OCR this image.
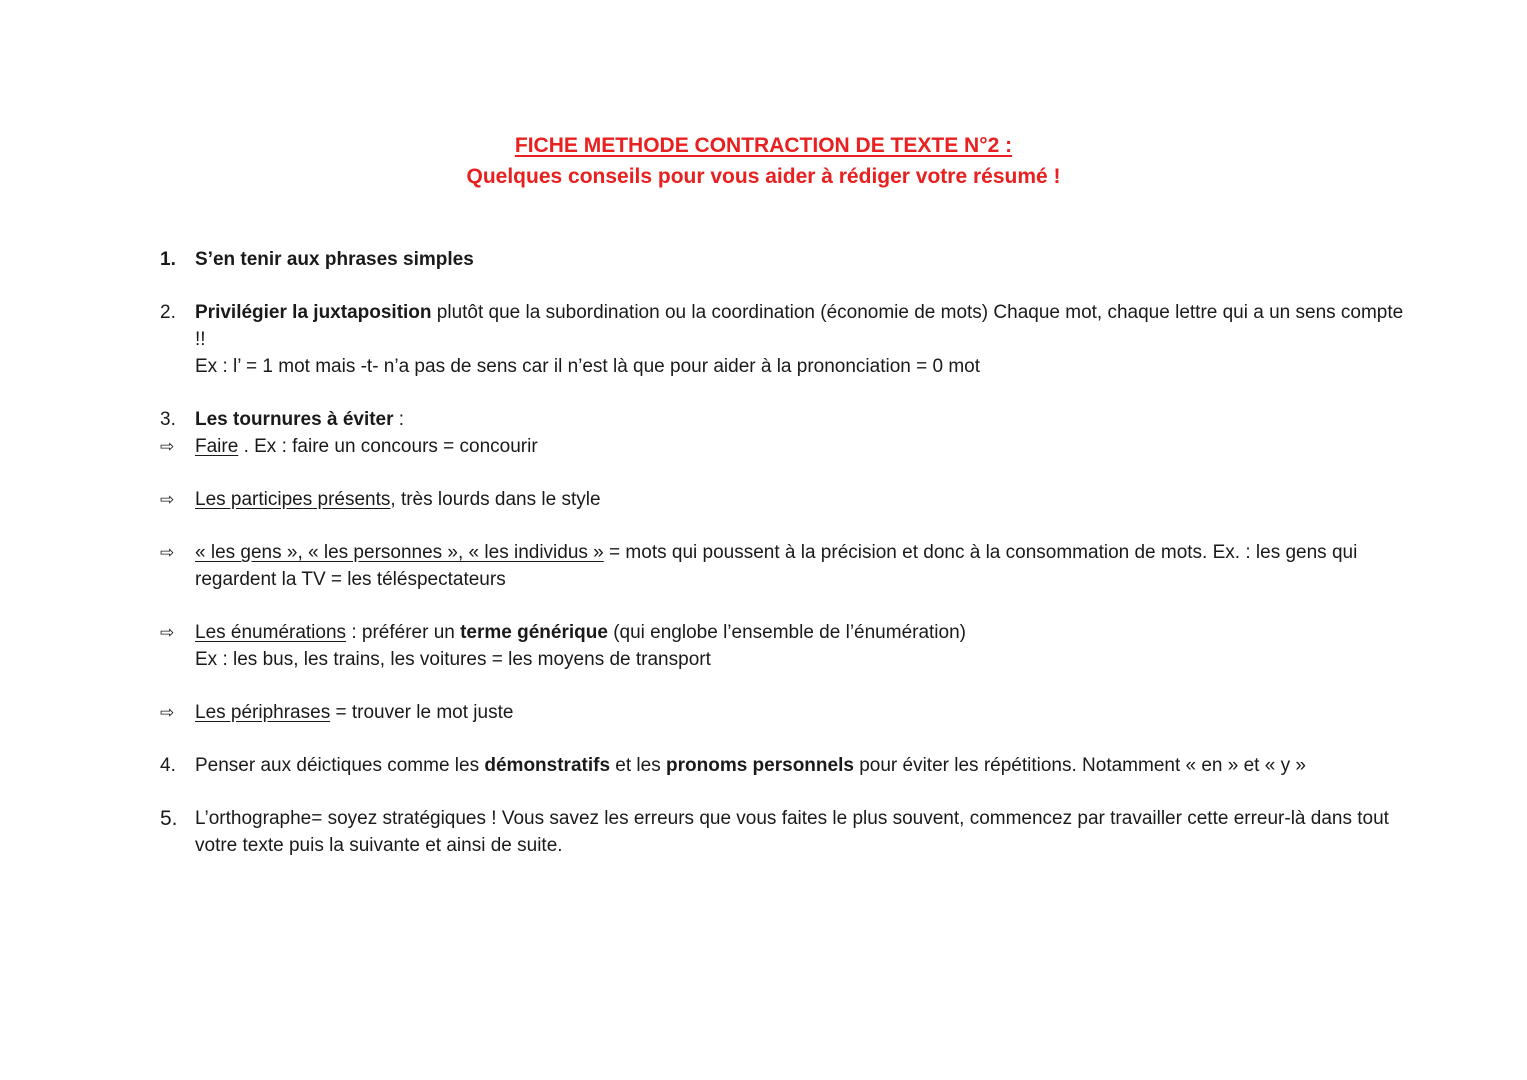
FICHE METHODE CONTRACTION DE TEXTE N°2 :
Quelques conseils pour vous aider à rédiger votre résumé !
1.	S’en tenir aux phrases simples
2.	Privilégier la juxtaposition plutôt que la subordination ou la coordination (économie de mots) Chaque mot, chaque lettre qui a un sens compte !!
Ex : l’ = 1 mot mais -t- n’a pas de sens car il n’est là que pour aider à la prononciation = 0 mot
3.	Les tournures à éviter :
⇨	Faire . Ex : faire un concours = concourir
⇨	Les participes présents, très lourds dans le style
⇨	« les gens », « les personnes », « les individus » = mots qui poussent à la précision et donc à la consommation de mots. Ex. : les gens qui regardent la TV = les téléspectateurs
⇨	Les énumérations : préférer un terme générique (qui englobe l’ensemble de l’énumération)
Ex : les bus, les trains, les voitures = les moyens de transport
⇨	Les périphrases = trouver le mot juste
4.	Penser aux déictiques comme les démonstratifs et les pronoms personnels pour éviter les répétitions. Notamment « en » et « y »
5. L’orthographe= soyez stratégiques ! Vous savez les erreurs que vous faites le plus souvent, commencez par travailler cette erreur-là dans tout votre texte puis la suivante et ainsi de suite.
